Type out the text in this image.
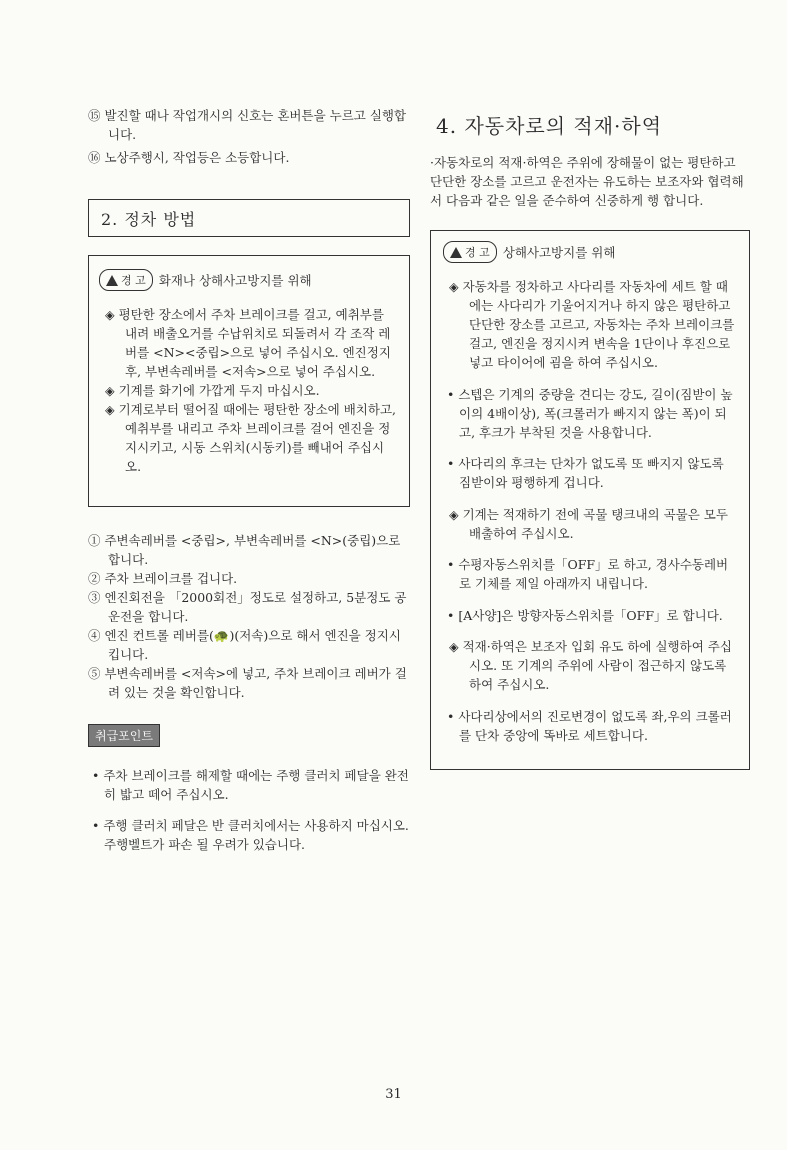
⑮ 발진할 때나 작업개시의 신호는 혼버튼을 누르고 실행합니다.

⑯ 노상주행시, 작업등은 소등합니다.

2. 정차 방법
경 고 화재나 상해사고방지를 위해

◈ 평탄한 장소에서 주차 브레이크를 걸고, 예취부를 내려 배출오거를 수납위치로 되돌려서 각 조작 레버를 <N><중립>으로 넣어 주십시오. 엔진정지후, 부변속레버를 <저속>으로 넣어 주십시오.

◈ 기계를 화기에 가깝게 두지 마십시오.

◈ 기계로부터 떨어질 때에는 평탄한 장소에 배치하고, 예취부를 내리고 주차 브레이크를 걸어 엔진을 정지시키고, 시동 스위치(시동키)를 빼내어 주십시오.

① 주변속레버를 <중립>, 부변속레버를 <N>(중립)으로 합니다.

② 주차 브레이크를 겁니다.

③ 엔진회전을 「2000회전」정도로 설정하고, 5분정도 공운전을 합니다.

④ 엔진 컨트롤 레버를(🐢)(저속)으로 해서 엔진을 정지시킵니다.

⑤ 부변속레버를 <저속>에 넣고, 주차 브레이크 레버가 걸려 있는 것을 확인합니다.

취급포인트

• 주차 브레이크를 해제할 때에는 주행 클러치 페달을 완전히 밟고 떼어 주십시오.

• 주행 클러치 페달은 반 클러치에서는 사용하지 마십시오. 주행벨트가 파손 될 우려가 있습니다.

4. 자동차로의 적재·하역

·자동차로의 적재·하역은 주위에 장해물이 없는 평탄하고 단단한 장소를 고르고 운전자는 유도하는 보조자와 협력해서 다음과 같은 일을 준수하여 신중하게 행 합니다.

경 고 상해사고방지를 위해

◈ 자동차를 정차하고 사다리를 자동차에 세트 할 때에는 사다리가 기울어지거나 하지 않은 평탄하고 단단한 장소를 고르고, 자동차는 주차 브레이크를 걸고, 엔진을 정지시켜 변속을 1단이나 후진으로 넣고 타이어에 굄을 하여 주십시오.

• 스텝은 기계의 중량을 견디는 강도, 길이(짐받이 높이의 4배이상), 폭(크롤러가 빠지지 않는 폭)이 되고, 후크가 부착된 것을 사용합니다.

• 사다리의 후크는 단차가 없도록 또 빠지지 않도록 짐받이와 평행하게 겁니다.

◈ 기계는 적재하기 전에 곡물 탱크내의 곡물은 모두 배출하여 주십시오.

• 수평자동스위치를「OFF」로 하고, 경사수동레버로 기체를 제일 아래까지 내립니다.

• [A사양]은 방향자동스위치를「OFF」로 합니다.

◈ 적재·하역은 보조자 입회 유도 하에 실행하여 주십시오. 또 기계의 주위에 사람이 접근하지 않도록 하여 주십시오.

• 사다리상에서의 진로변경이 없도록 좌,우의 크롤러를 단차 중앙에 똑바로 세트합니다.

31
